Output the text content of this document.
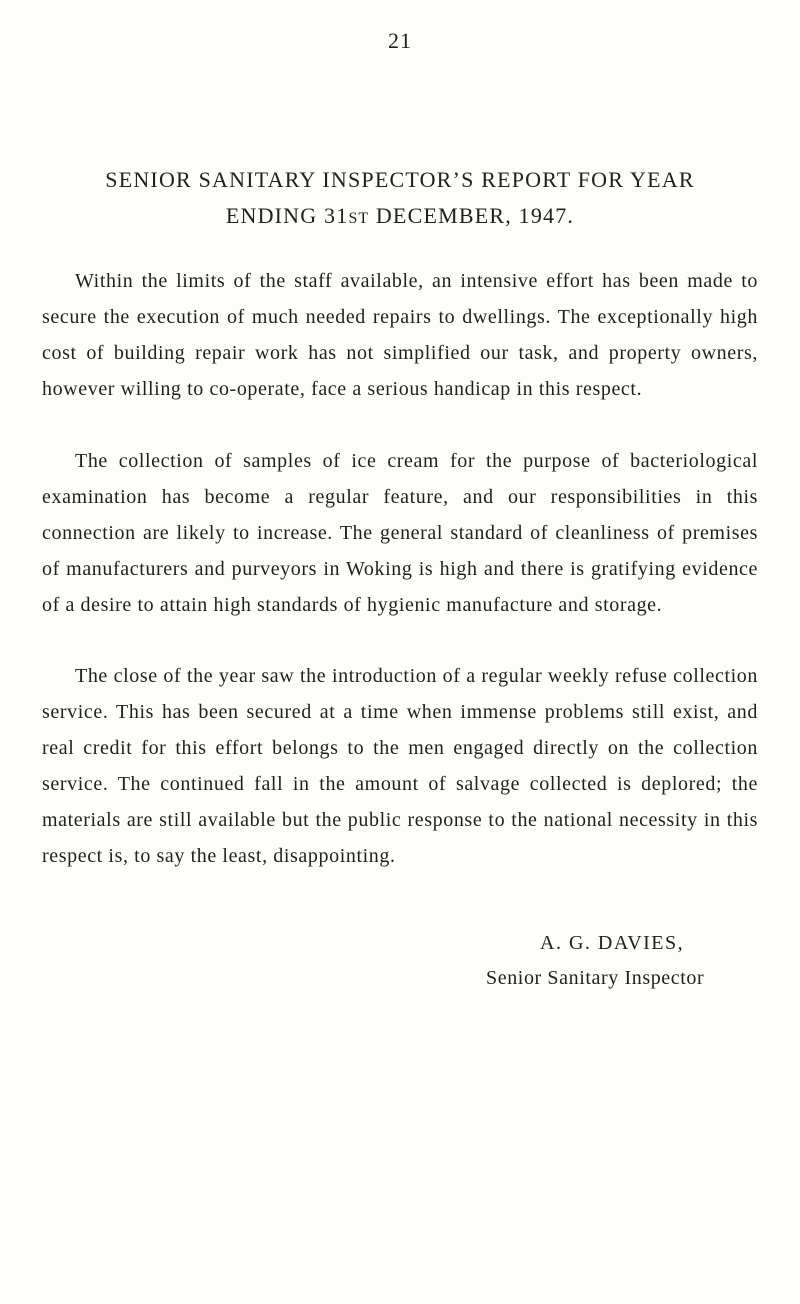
21
SENIOR SANITARY INSPECTOR’S REPORT FOR YEAR
ENDING 31ST DECEMBER, 1947.

Within the limits of the staff available, an intensive effort has been made to secure the execution of much needed repairs to dwellings. The exceptionally high cost of building repair work has not simplified our task, and property owners, however willing to co-operate, face a serious handicap in this respect.

The collection of samples of ice cream for the purpose of bacteriological examination has become a regular feature, and our responsibilities in this connection are likely to increase. The general standard of cleanliness of premises of manufacturers and purveyors in Woking is high and there is gratifying evidence of a desire to attain high standards of hygienic manufacture and storage.

The close of the year saw the introduction of a regular weekly refuse collection service. This has been secured at a time when immense problems still exist, and real credit for this effort belongs to the men engaged directly on the collection service. The continued fall in the amount of salvage collected is deplored; the materials are still available but the public response to the national necessity in this respect is, to say the least, disappointing.

A. G. DAVIES,
Senior Sanitary Inspector
